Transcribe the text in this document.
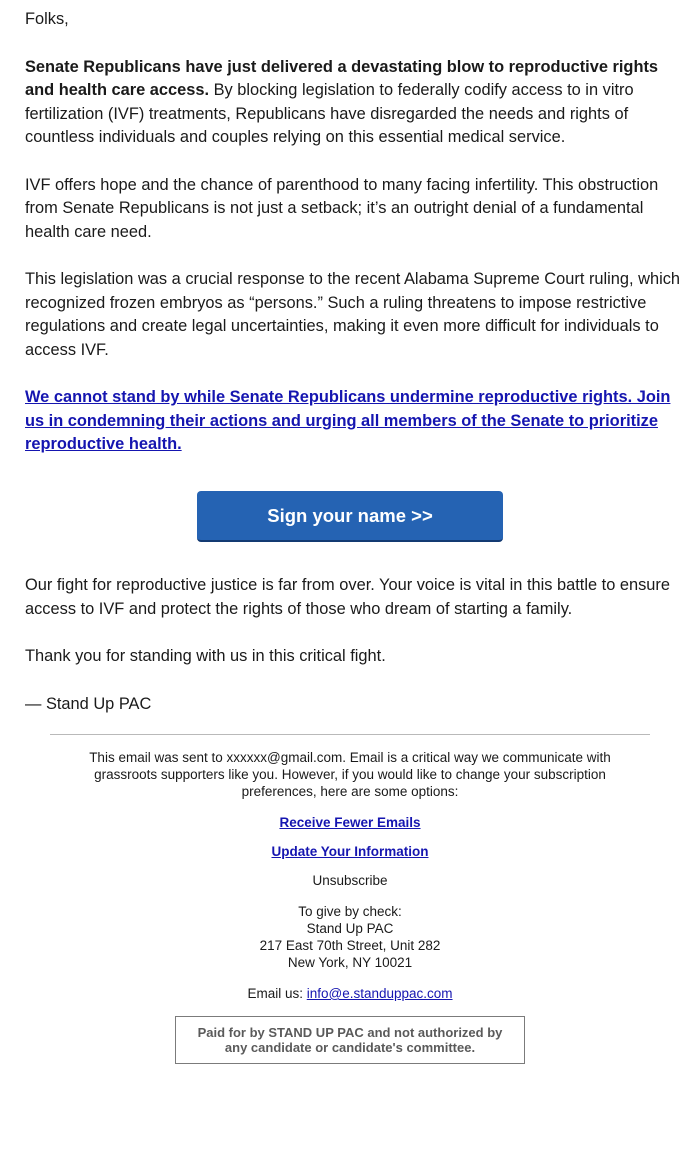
Folks,

Senate Republicans have just delivered a devastating blow to reproductive rights and health care access. By blocking legislation to federally codify access to in vitro fertilization (IVF) treatments, Republicans have disregarded the needs and rights of countless individuals and couples relying on this essential medical service.

IVF offers hope and the chance of parenthood to many facing infertility. This obstruction from Senate Republicans is not just a setback; it’s an outright denial of a fundamental health care need.

This legislation was a crucial response to the recent Alabama Supreme Court ruling, which recognized frozen embryos as “persons.” Such a ruling threatens to impose restrictive regulations and create legal uncertainties, making it even more difficult for individuals to access IVF.

We cannot stand by while Senate Republicans undermine reproductive rights. Join us in condemning their actions and urging all members of the Senate to prioritize reproductive health.

Sign your name >>

Our fight for reproductive justice is far from over. Your voice is vital in this battle to ensure access to IVF and protect the rights of those who dream of starting a family.

Thank you for standing with us in this critical fight.

— Stand Up PAC

This email was sent to xxxxxx@gmail.com. Email is a critical way we communicate with grassroots supporters like you. However, if you would like to change your subscription preferences, here are some options:

Receive Fewer Emails

Update Your Information

Unsubscribe

To give by check:

Stand Up PAC

217 East 70th Street, Unit 282

New York, NY 10021

Email us: info@e.standuppac.com

Paid for by STAND UP PAC and not authorized by any candidate or candidate's committee.
